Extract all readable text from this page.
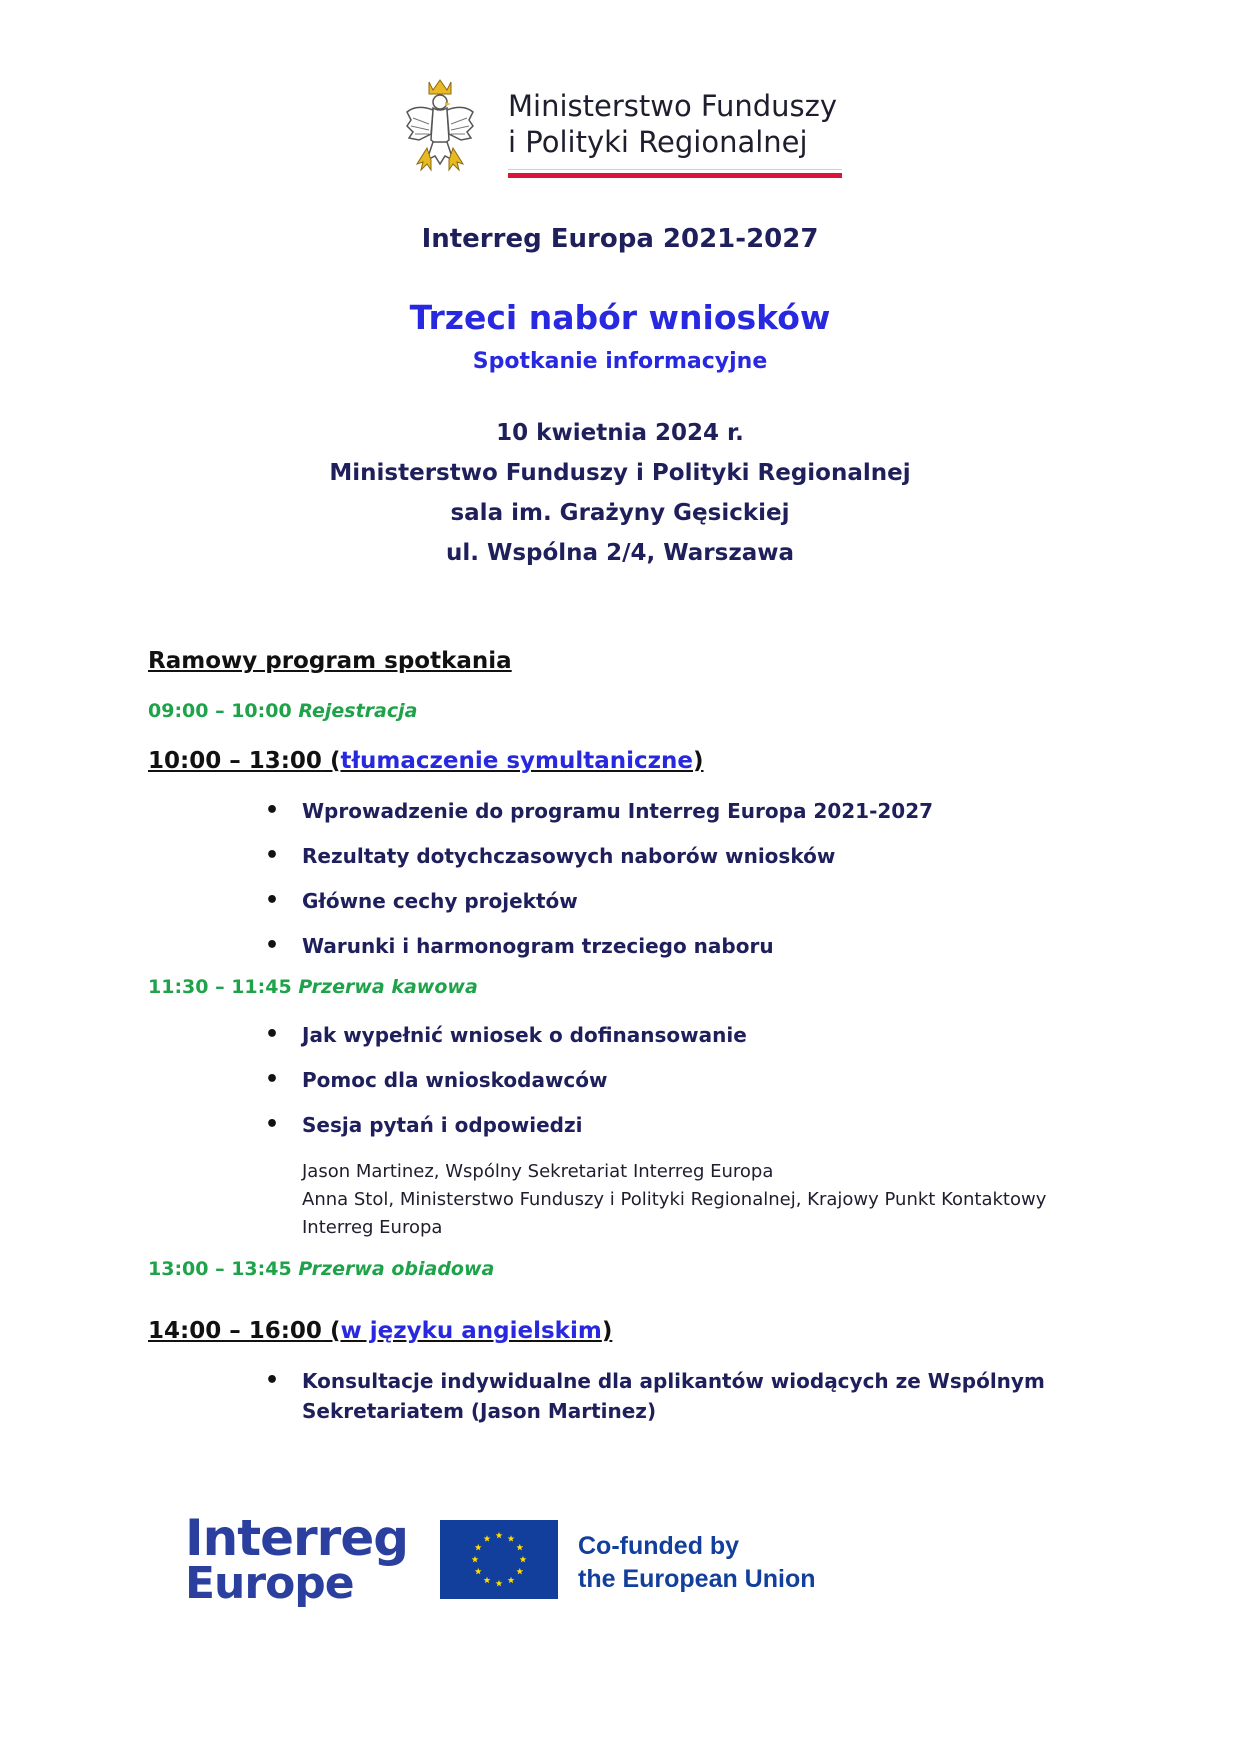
Ministerstwo Funduszy
i Polityki Regionalnej
Interreg Europa 2021-2027
Trzeci nabór wniosków
Spotkanie informacyjne
10 kwietnia 2024 r.
Ministerstwo Funduszy i Polityki Regionalnej
sala im. Grażyny Gęsickiej
ul. Wspólna 2/4, Warszawa
Ramowy program spotkania
09:00 – 10:00 Rejestracja
10:00 – 13:00 (tłumaczenie symultaniczne)
• Wprowadzenie do programu Interreg Europa 2021-2027
• Rezultaty dotychczasowych naborów wniosków
• Główne cechy projektów
• Warunki i harmonogram trzeciego naboru
11:30 – 11:45 Przerwa kawowa
• Jak wypełnić wniosek o dofinansowanie
• Pomoc dla wnioskodawców
• Sesja pytań i odpowiedzi
Jason Martinez, Wspólny Sekretariat Interreg Europa
Anna Stol, Ministerstwo Funduszy i Polityki Regionalnej, Krajowy Punkt Kontaktowy
Interreg Europa
13:00 – 13:45 Przerwa obiadowa
14:00 – 16:00 (w języku angielskim)
• Konsultacje indywidualne dla aplikantów wiodących ze Wspólnym Sekretariatem (Jason Martinez)
Interreg
Europe
Co-funded by
the European Union
